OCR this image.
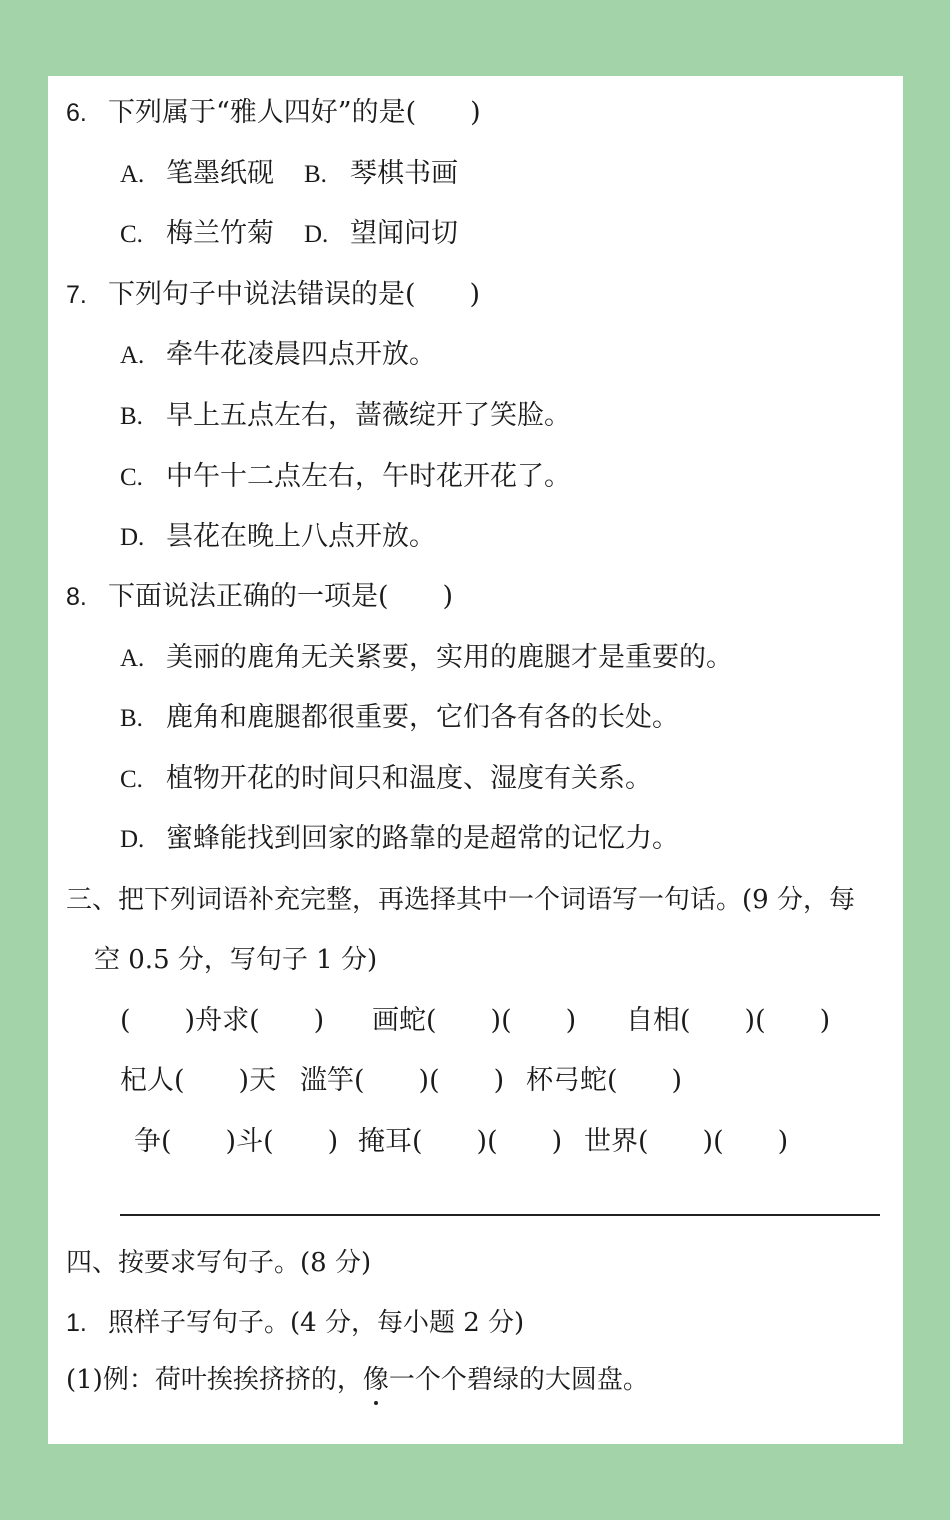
6. 下列属于“雅人四好”的是(　　)
A. 笔墨纸砚 B. 琴棋书画
C. 梅兰竹菊 D. 望闻问切
7. 下列句子中说法错误的是(　　)
A. 牵牛花凌晨四点开放。
B. 早上五点左右，蔷薇绽开了笑脸。
C. 中午十二点左右，午时花开花了。
D. 昙花在晚上八点开放。
8. 下面说法正确的一项是(　　)
A. 美丽的鹿角无关紧要，实用的鹿腿才是重要的。
B. 鹿角和鹿腿都很重要，它们各有各的长处。
C. 植物开花的时间只和温度、湿度有关系。
D. 蜜蜂能找到回家的路靠的是超常的记忆力。
三、把下列词语补充完整，再选择其中一个词语写一句话。(9 分，每
空 0.5 分，写句子 1 分)
(　　)舟求(　　) 画蛇(　　)(　　) 自相(　　)(　　)
杞人(　　)天 滥竽(　　)(　　) 杯弓蛇(　　)
争(　　)斗(　　) 掩耳(　　)(　　) 世界(　　)(　　)
四、按要求写句子。(8 分)
1. 照样子写句子。(4 分，每小题 2 分)
(1)例：荷叶挨挨挤挤的，像一个个碧绿的大圆盘。
